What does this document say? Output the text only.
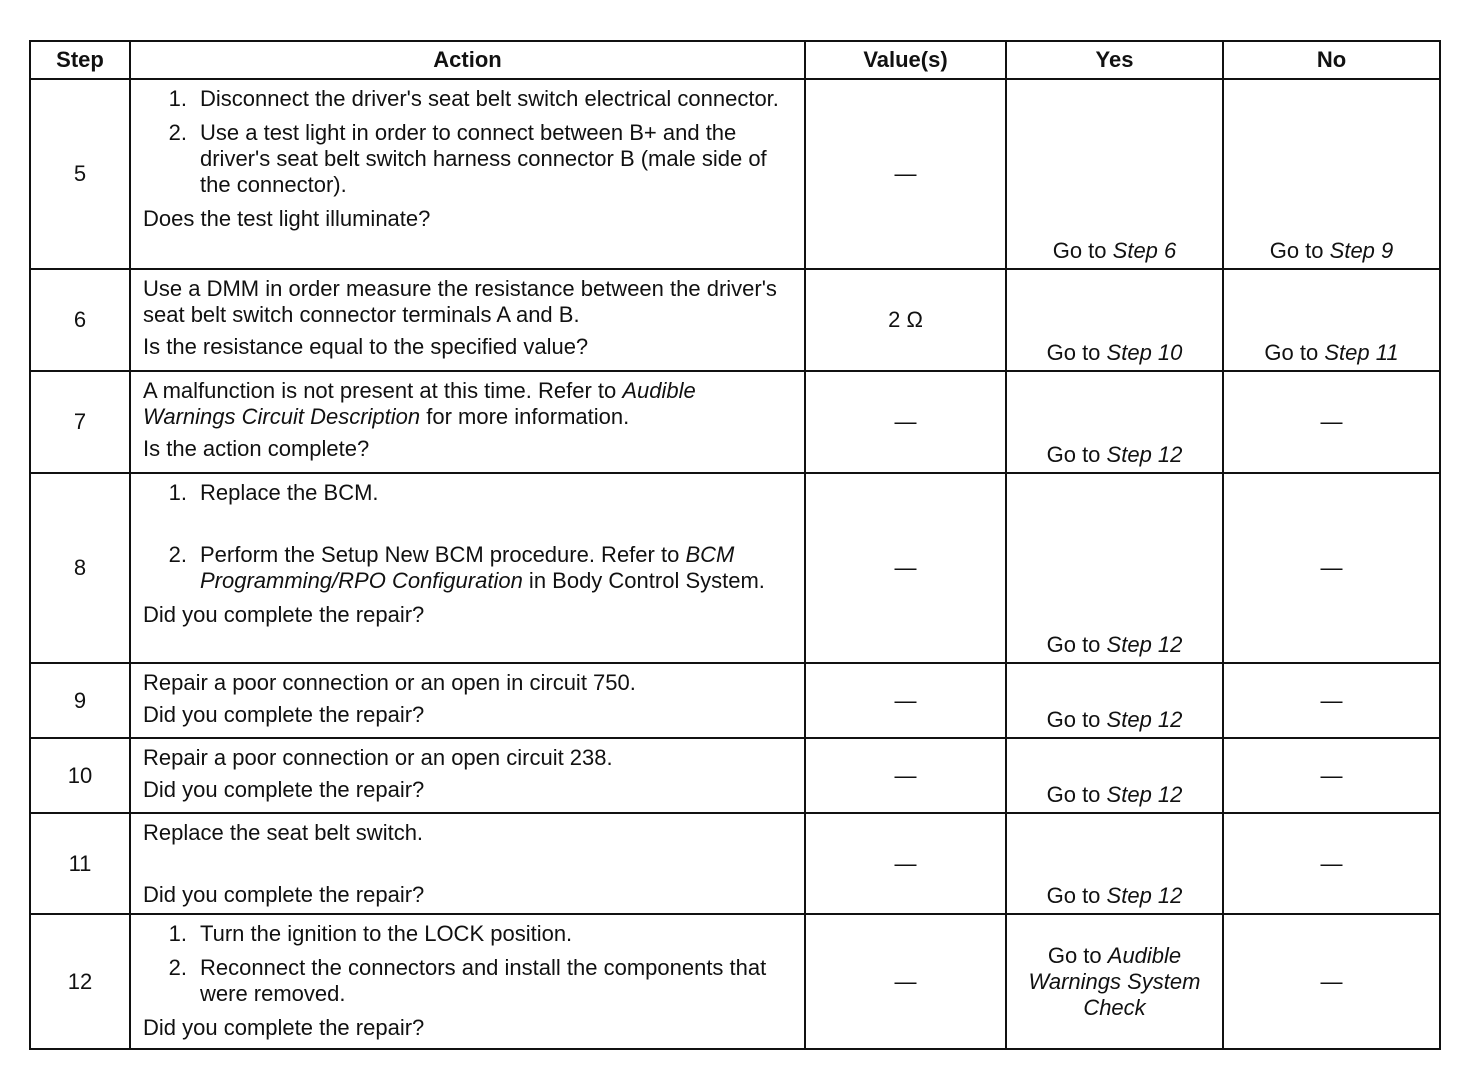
Step	Action	Value(s)	Yes	No
5	1. Disconnect the driver's seat belt switch electrical connector.
2. Use a test light in order to connect between B+ and the driver's seat belt switch harness connector B (male side of the connector).
Does the test light illuminate?	—	Go to Step 6	Go to Step 9
6	Use a DMM in order measure the resistance between the driver's seat belt switch connector terminals A and B.
Is the resistance equal to the specified value?	2 Ω	Go to Step 10	Go to Step 11
7	A malfunction is not present at this time. Refer to Audible Warnings Circuit Description for more information.
Is the action complete?	—	Go to Step 12	—
8	1. Replace the BCM.
2. Perform the Setup New BCM procedure. Refer to BCM Programming/RPO Configuration in Body Control System.
Did you complete the repair?	—	Go to Step 12	—
9	Repair a poor connection or an open in circuit 750.
Did you complete the repair?	—	Go to Step 12	—
10	Repair a poor connection or an open circuit 238.
Did you complete the repair?	—	Go to Step 12	—
11	Replace the seat belt switch.
Did you complete the repair?	—	Go to Step 12	—
12	1. Turn the ignition to the LOCK position.
2. Reconnect the connectors and install the components that were removed.
Did you complete the repair?	—	Go to Audible Warnings System Check	—
